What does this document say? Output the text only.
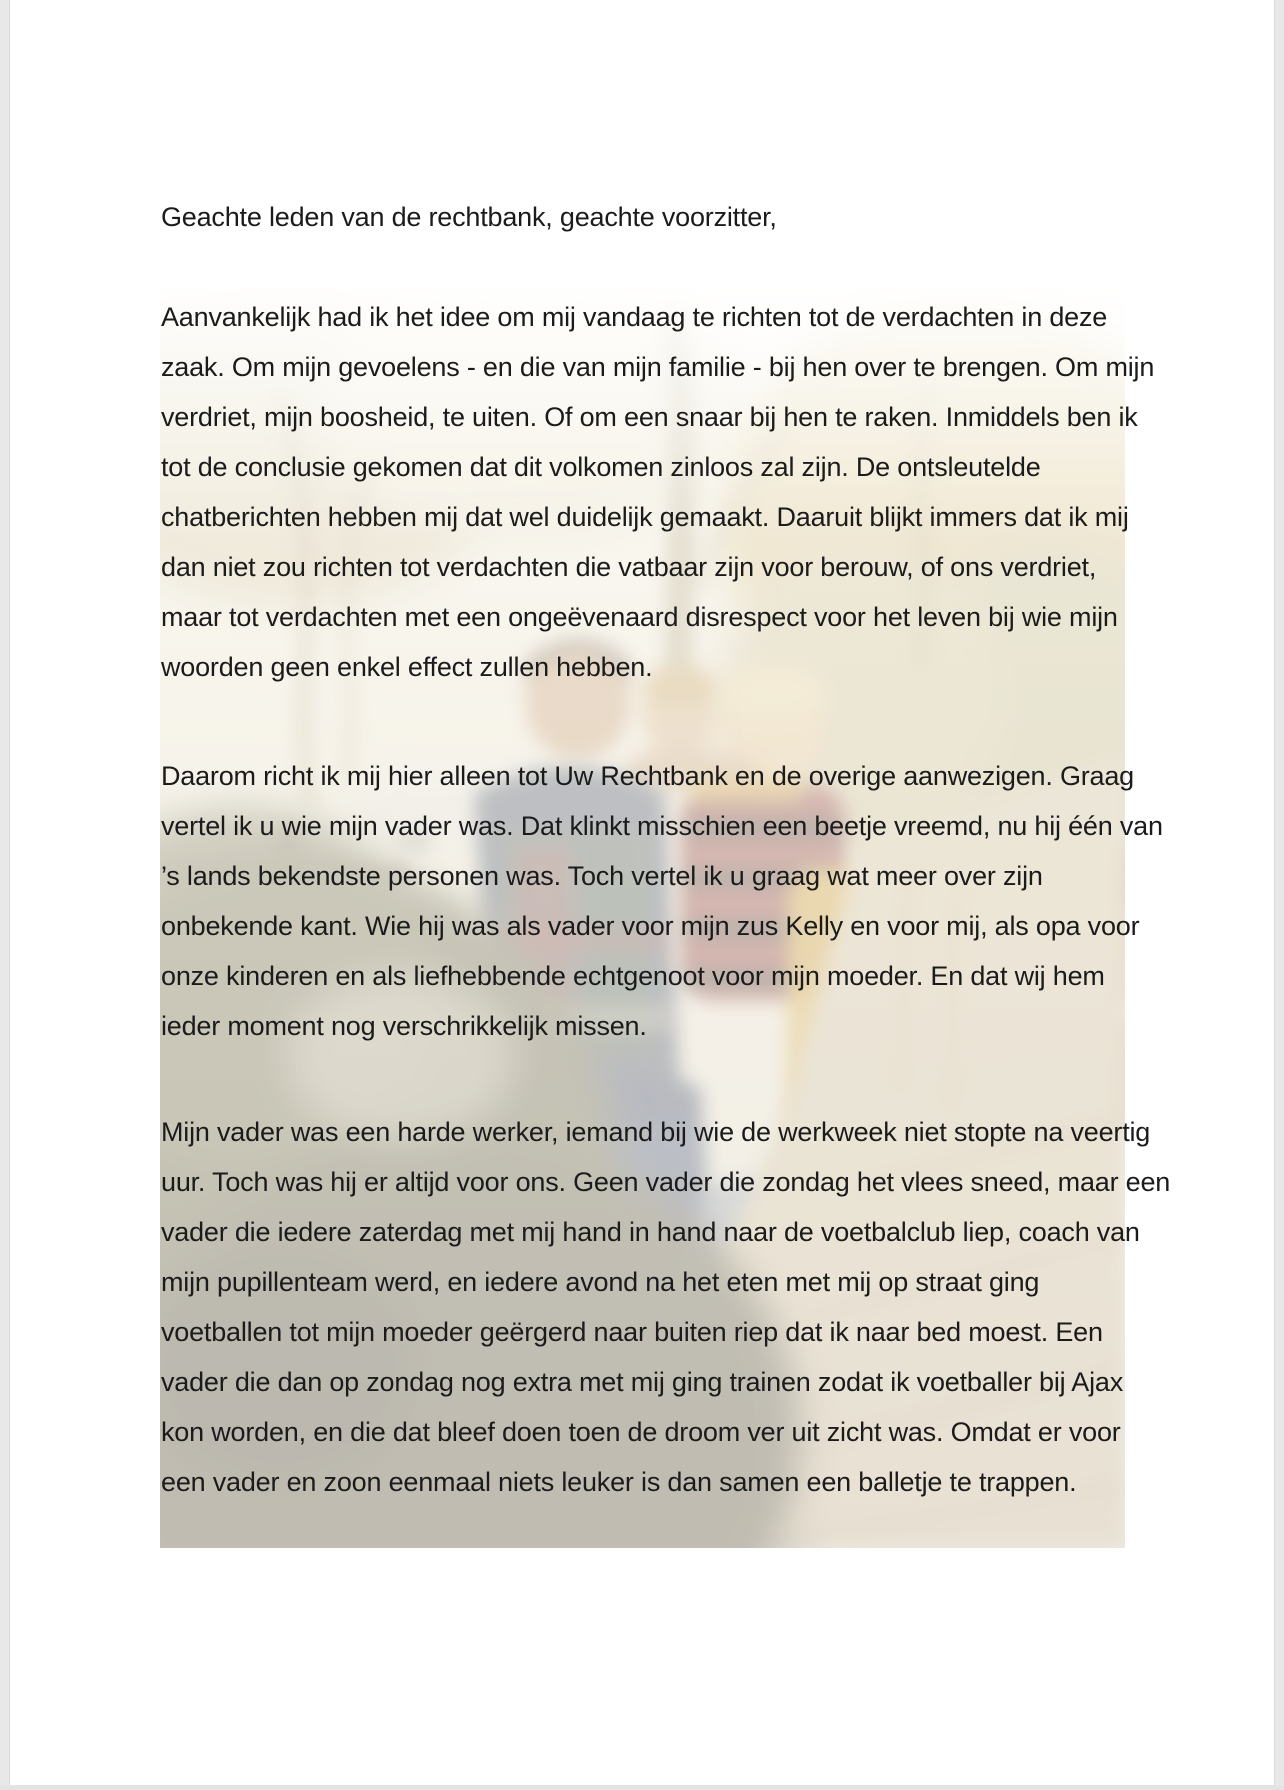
Geachte leden van de rechtbank, geachte voorzitter,
Aanvankelijk had ik het idee om mij vandaag te richten tot de verdachten in deze
zaak. Om mijn gevoelens - en die van mijn familie - bij hen over te brengen. Om mijn
verdriet, mijn boosheid, te uiten. Of om een snaar bij hen te raken. Inmiddels ben ik
tot de conclusie gekomen dat dit volkomen zinloos zal zijn. De ontsleutelde
chatberichten hebben mij dat wel duidelijk gemaakt. Daaruit blijkt immers dat ik mij
dan niet zou richten tot verdachten die vatbaar zijn voor berouw, of ons verdriet,
maar tot verdachten met een ongeëvenaard disrespect voor het leven bij wie mijn
woorden geen enkel effect zullen hebben.
Daarom richt ik mij hier alleen tot Uw Rechtbank en de overige aanwezigen. Graag
vertel ik u wie mijn vader was. Dat klinkt misschien een beetje vreemd, nu hij één van
’s lands bekendste personen was. Toch vertel ik u graag wat meer over zijn
onbekende kant. Wie hij was als vader voor mijn zus Kelly en voor mij, als opa voor
onze kinderen en als liefhebbende echtgenoot voor mijn moeder. En dat wij hem
ieder moment nog verschrikkelijk missen.
Mijn vader was een harde werker, iemand bij wie de werkweek niet stopte na veertig
uur. Toch was hij er altijd voor ons. Geen vader die zondag het vlees sneed, maar een
vader die iedere zaterdag met mij hand in hand naar de voetbalclub liep, coach van
mijn pupillenteam werd, en iedere avond na het eten met mij op straat ging
voetballen tot mijn moeder geërgerd naar buiten riep dat ik naar bed moest. Een
vader die dan op zondag nog extra met mij ging trainen zodat ik voetballer bij Ajax
kon worden, en die dat bleef doen toen de droom ver uit zicht was. Omdat er voor
een vader en zoon eenmaal niets leuker is dan samen een balletje te trappen.
